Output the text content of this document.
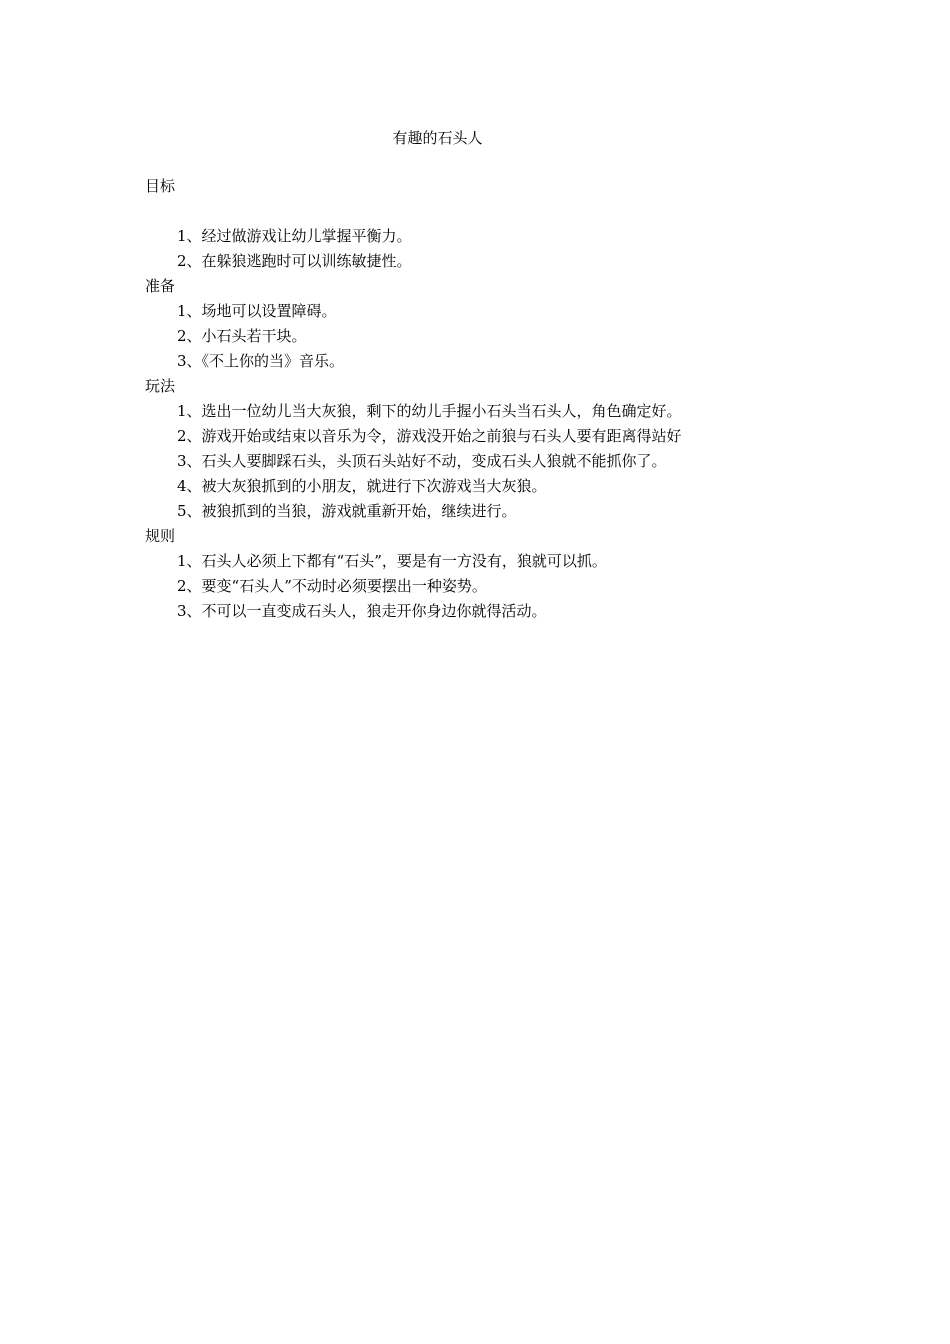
有趣的石头人
目标
1、经过做游戏让幼儿掌握平衡力。
2、在躲狼逃跑时可以训练敏捷性。
准备
1、场地可以设置障碍。
2、小石头若干块。
3、《不上你的当》音乐。
玩法
1、选出一位幼儿当大灰狼，剩下的幼儿手握小石头当石头人，角色确定好。
2、游戏开始或结束以音乐为令，游戏没开始之前狼与石头人要有距离得站好
3、石头人要脚踩石头，头顶石头站好不动，变成石头人狼就不能抓你了。
4、被大灰狼抓到的小朋友，就进行下次游戏当大灰狼。
5、被狼抓到的当狼，游戏就重新开始，继续进行。
规则
1、石头人必须上下都有“石头”，要是有一方没有，狼就可以抓。
2、要变“石头人”不动时必须要摆出一种姿势。
3、不可以一直变成石头人，狼走开你身边你就得活动。
